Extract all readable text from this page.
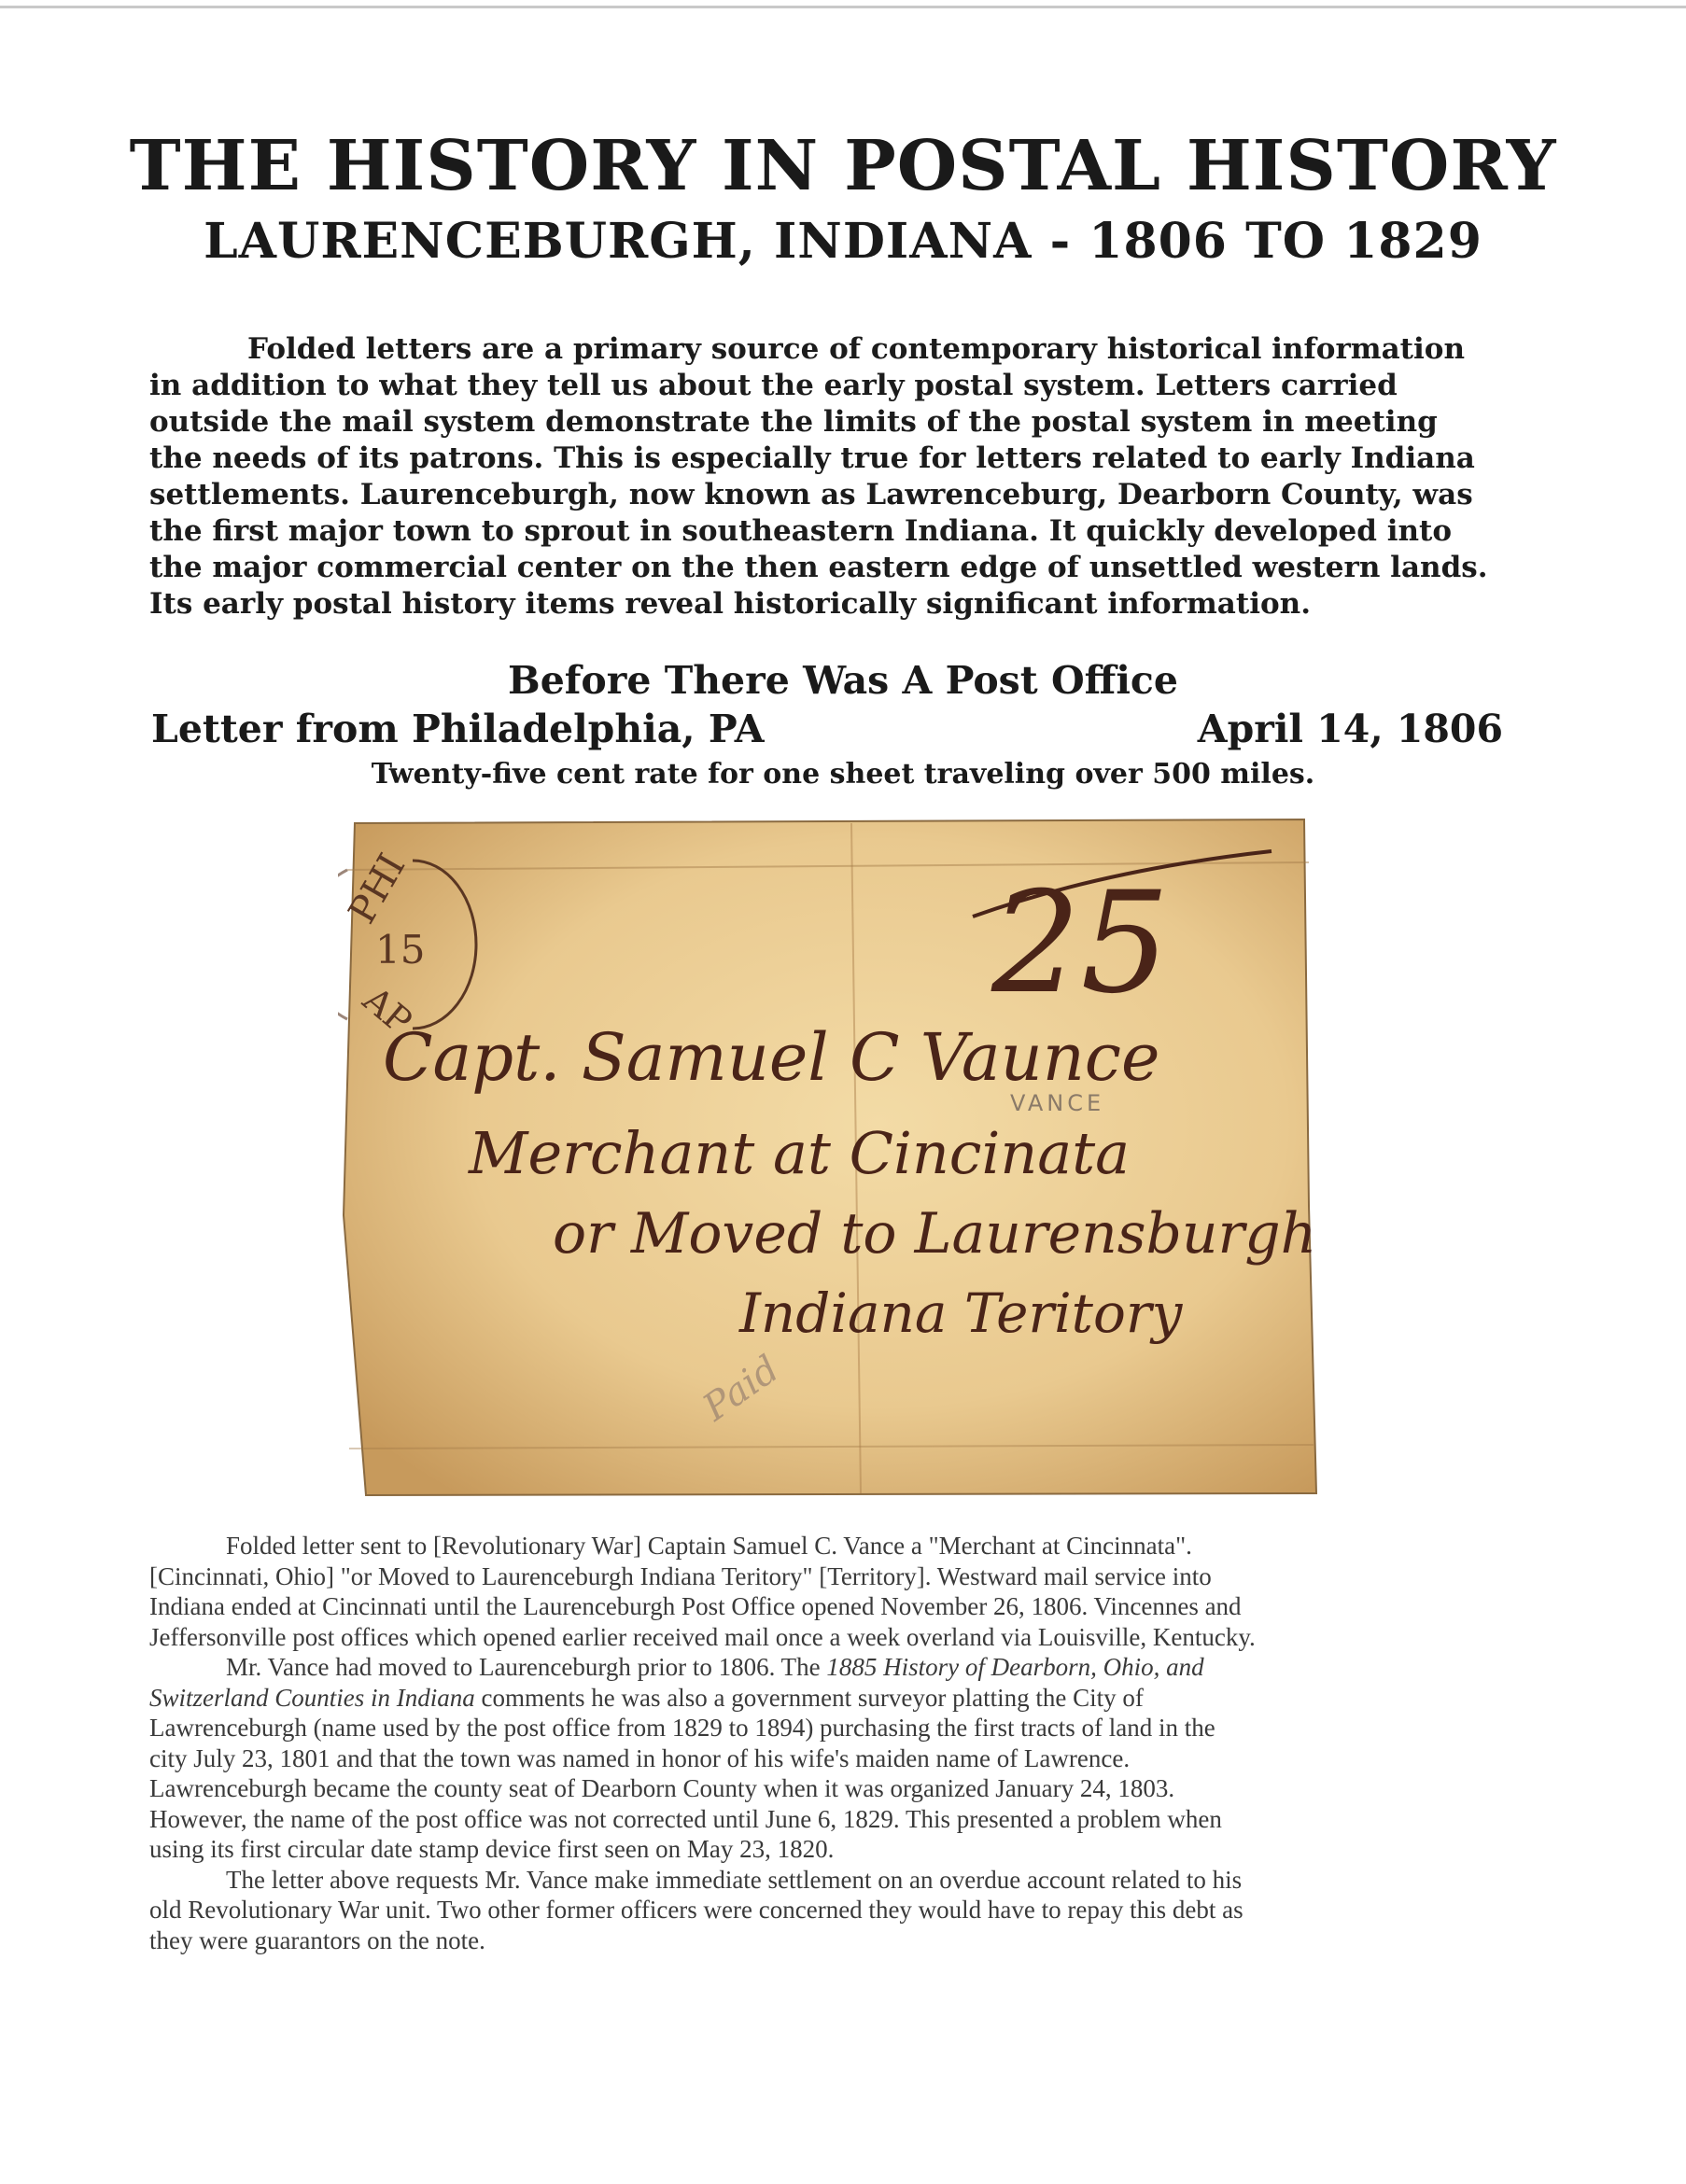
THE HISTORY IN POSTAL HISTORY
LAURENCEBURGH, INDIANA - 1806 TO 1829
Folded letters are a primary source of contemporary historical information
in addition to what they tell us about the early postal system. Letters carried
outside the mail system demonstrate the limits of the postal system in meeting
the needs of its patrons. This is especially true for letters related to early Indiana
settlements. Laurenceburgh, now known as Lawrenceburg, Dearborn County, was
the first major town to sprout in southeastern Indiana. It quickly developed into
the major commercial center on the then eastern edge of unsettled western lands.
Its early postal history items reveal historically significant information.
Before There Was A Post Office
Letter from Philadelphia, PA	April 14, 1806
Twenty-five cent rate for one sheet traveling over 500 miles.
PHI
15
AP	25
Capt. Samuel C Vaunce
VANCE
Merchant at Cincinata
or Moved to Laurensburgh
Indiana Teritory
Paid

Folded letter sent to [Revolutionary War] Captain Samuel C. Vance a "Merchant at Cincinnata".
[Cincinnati, Ohio] "or Moved to Laurenceburgh Indiana Teritory" [Territory]. Westward mail service into
Indiana ended at Cincinnati until the Laurenceburgh Post Office opened November 26, 1806. Vincennes and
Jeffersonville post offices which opened earlier received mail once a week overland via Louisville, Kentucky.

Mr. Vance had moved to Laurenceburgh prior to 1806. The 1885 History of Dearborn, Ohio, and
Switzerland Counties in Indiana comments he was also a government surveyor platting the City of
Lawrenceburgh (name used by the post office from 1829 to 1894) purchasing the first tracts of land in the
city July 23, 1801 and that the town was named in honor of his wife's maiden name of Lawrence.
Lawrenceburgh became the county seat of Dearborn County when it was organized January 24, 1803.
However, the name of the post office was not corrected until June 6, 1829. This presented a problem when
using its first circular date stamp device first seen on May 23, 1820.

The letter above requests Mr. Vance make immediate settlement on an overdue account related to his
old Revolutionary War unit. Two other former officers were concerned they would have to repay this debt as
they were guarantors on the note.
